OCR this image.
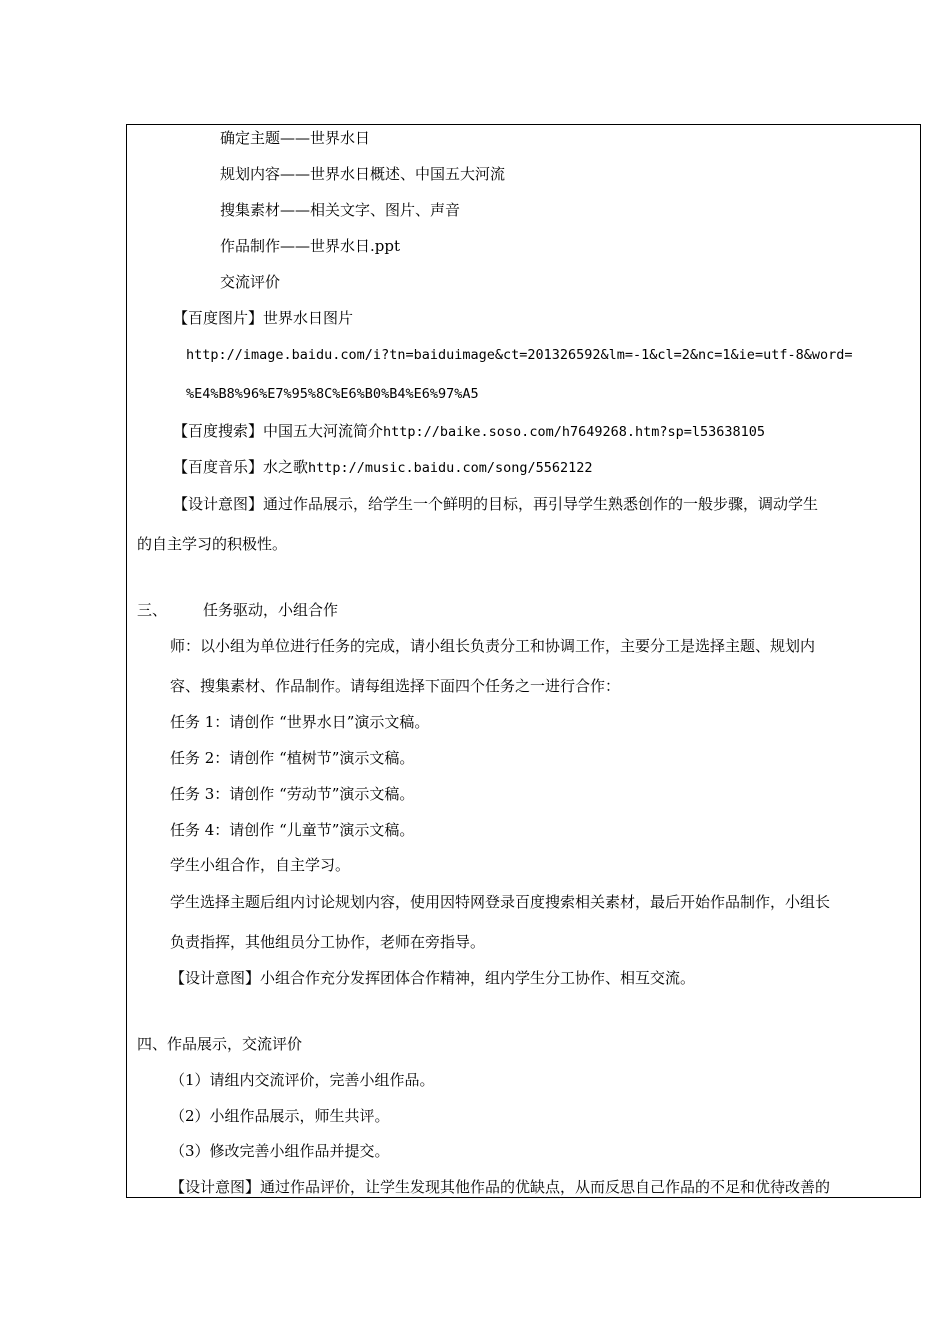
确定主题——世界水日
规划内容——世界水日概述、中国五大河流
搜集素材——相关文字、图片、声音
作品制作——世界水日.ppt
交流评价
【百度图片】世界水日图片
http://image.baidu.com/i?tn=baiduimage&ct=201326592&lm=-1&cl=2&nc=1&ie=utf-8&word=
%E4%B8%96%E7%95%8C%E6%B0%B4%E6%97%A5
【百度搜索】中国五大河流简介http://baike.soso.com/h7649268.htm?sp=l53638105
【百度音乐】水之歌http://music.baidu.com/song/5562122
【设计意图】通过作品展示，给学生一个鲜明的目标，再引导学生熟悉创作的一般步骤，调动学生
的自主学习的积极性。
三、 任务驱动，小组合作
师：以小组为单位进行任务的完成，请小组长负责分工和协调工作，主要分工是选择主题、规划内
容、搜集素材、作品制作。请每组选择下面四个任务之一进行合作：
任务 1：请创作 “世界水日”演示文稿。
任务 2：请创作 “植树节”演示文稿。
任务 3：请创作 “劳动节”演示文稿。
任务 4：请创作 “儿童节”演示文稿。
学生小组合作，自主学习。
学生选择主题后组内讨论规划内容，使用因特网登录百度搜索相关素材，最后开始作品制作，小组长
负责指挥，其他组员分工协作，老师在旁指导。
【设计意图】小组合作充分发挥团体合作精神，组内学生分工协作、相互交流。
四、作品展示，交流评价
（1）请组内交流评价，完善小组作品。
（2）小组作品展示，师生共评。
（3）修改完善小组作品并提交。
【设计意图】通过作品评价，让学生发现其他作品的优缺点，从而反思自己作品的不足和优待改善的
